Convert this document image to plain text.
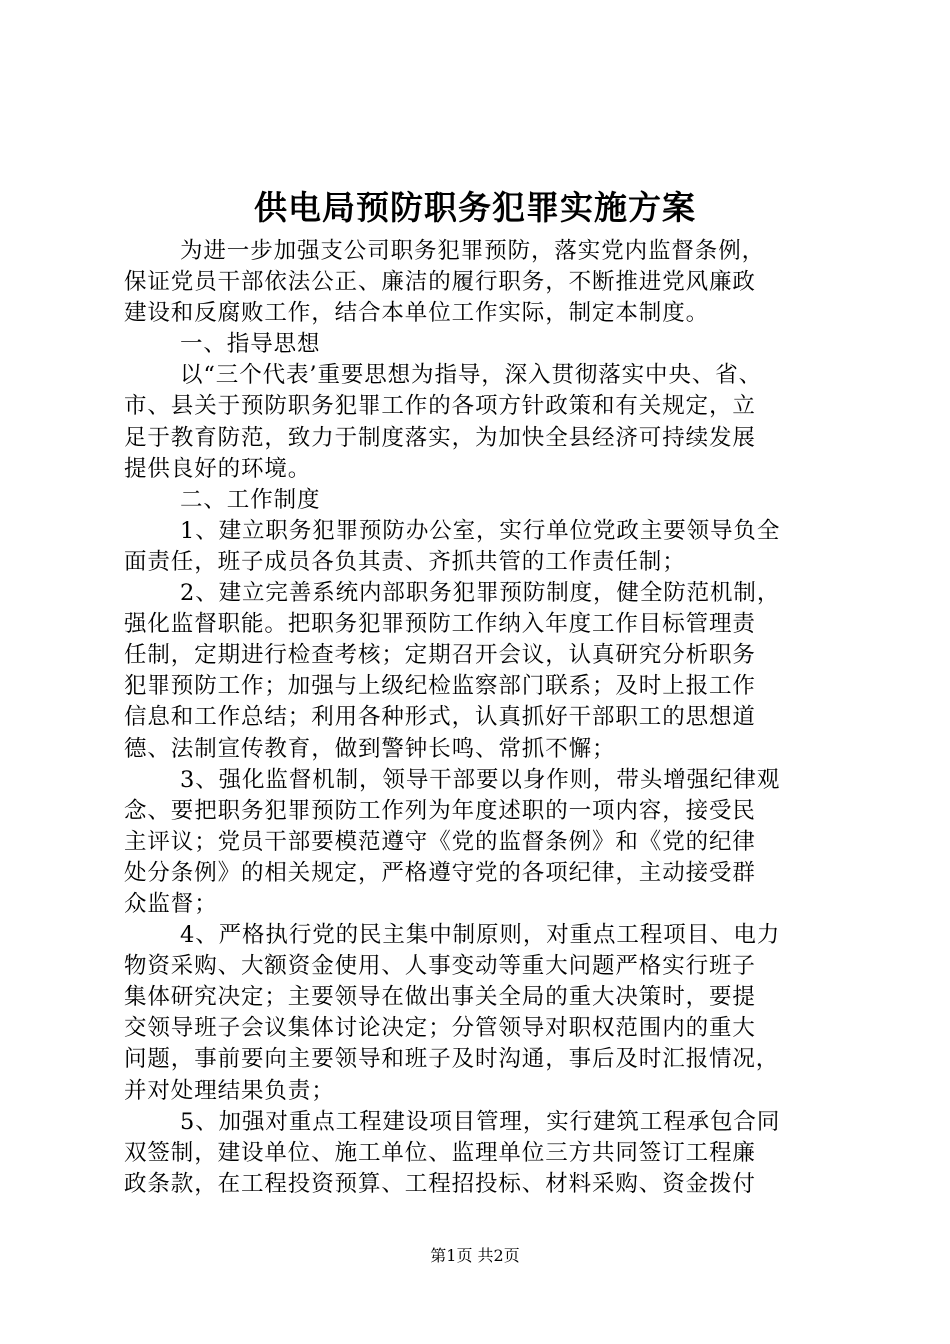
供电局预防职务犯罪实施方案
为进一步加强支公司职务犯罪预防，落实党内监督条例，
保证党员干部依法公正、廉洁的履行职务，不断推进党风廉政
建设和反腐败工作，结合本单位工作实际，制定本制度。
一、指导思想
以“三个代表’重要思想为指导，深入贯彻落实中央、省、
市、县关于预防职务犯罪工作的各项方针政策和有关规定，立
足于教育防范，致力于制度落实，为加快全县经济可持续发展
提供良好的环境。
二、工作制度
1、建立职务犯罪预防办公室，实行单位党政主要领导负全
面责任，班子成员各负其责、齐抓共管的工作责任制；
2、建立完善系统内部职务犯罪预防制度，健全防范机制，
强化监督职能。把职务犯罪预防工作纳入年度工作目标管理责
任制，定期进行检查考核；定期召开会议，认真研究分析职务
犯罪预防工作；加强与上级纪检监察部门联系；及时上报工作
信息和工作总结；利用各种形式，认真抓好干部职工的思想道
德、法制宣传教育，做到警钟长鸣、常抓不懈；
3、强化监督机制，领导干部要以身作则，带头增强纪律观
念、要把职务犯罪预防工作列为年度述职的一项内容，接受民
主评议；党员干部要模范遵守《党的监督条例》和《党的纪律
处分条例》的相关规定，严格遵守党的各项纪律，主动接受群
众监督；
4、严格执行党的民主集中制原则，对重点工程项目、电力
物资采购、大额资金使用、人事变动等重大问题严格实行班子
集体研究决定；主要领导在做出事关全局的重大决策时，要提
交领导班子会议集体讨论决定；分管领导对职权范围内的重大
问题，事前要向主要领导和班子及时沟通，事后及时汇报情况，
并对处理结果负责；
5、加强对重点工程建设项目管理，实行建筑工程承包合同
双签制，建设单位、施工单位、监理单位三方共同签订工程廉
政条款，在工程投资预算、工程招投标、材料采购、资金拨付
第1页 共2页
